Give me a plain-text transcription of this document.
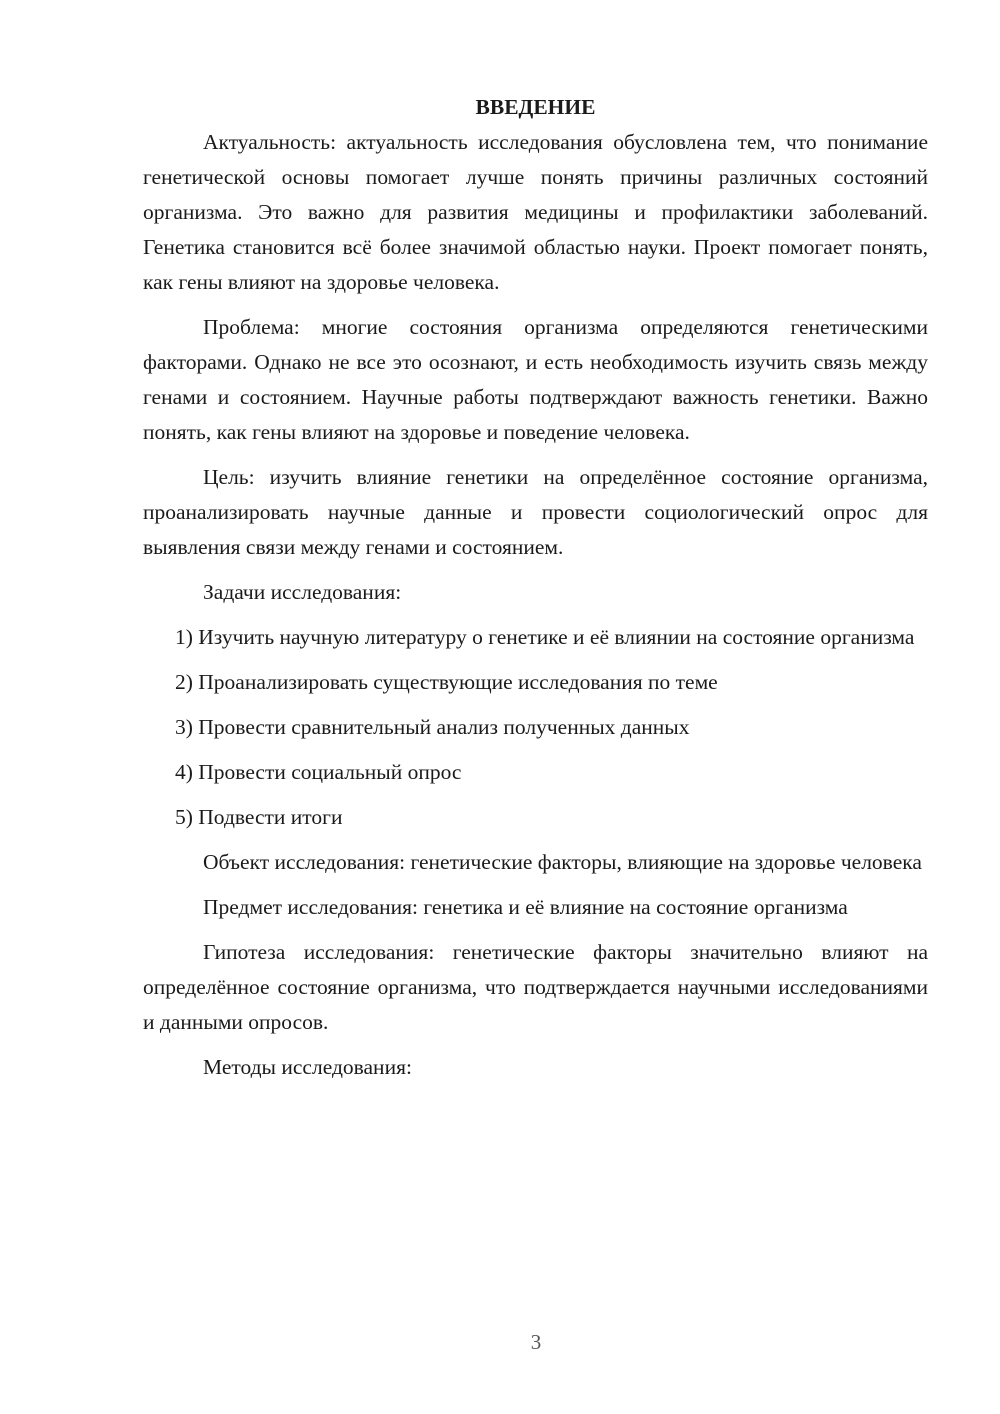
ВВЕДЕНИЕ

Актуальность: актуальность исследования обусловлена тем, что понимание генетической основы помогает лучше понять причины различных состояний организма. Это важно для развития медицины и профилактики заболеваний. Генетика становится всё более значимой областью науки. Проект помогает понять, как гены влияют на здоровье человека.

Проблема: многие состояния организма определяются генетическими факторами. Однако не все это осознают, и есть необходимость изучить связь между генами и состоянием. Научные работы подтверждают важность генетики. Важно понять, как гены влияют на здоровье и поведение человека.

Цель: изучить влияние генетики на определённое состояние организма, проанализировать научные данные и провести социологический опрос для выявления связи между генами и состоянием.

Задачи исследования:

1) Изучить научную литературу о генетике и её влиянии на состояние организма

2) Проанализировать существующие исследования по теме

3) Провести сравнительный анализ полученных данных

4) Провести социальный опрос

5) Подвести итоги

Объект исследования: генетические факторы, влияющие на здоровье человека

Предмет исследования: генетика и её влияние на состояние организма

Гипотеза исследования: генетические факторы значительно влияют на определённое состояние организма, что подтверждается научными исследованиями и данными опросов.

Методы исследования:

3
